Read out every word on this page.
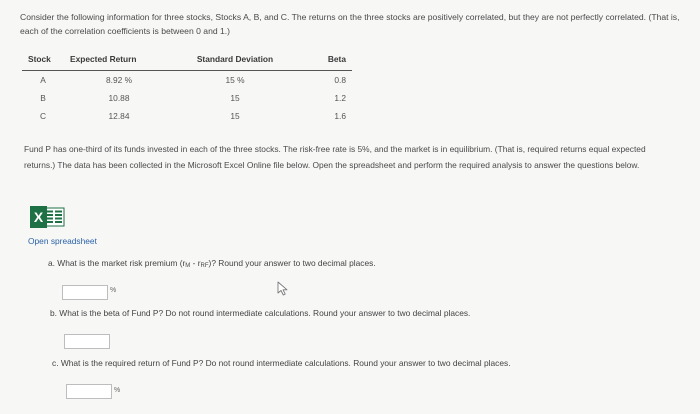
Consider the following information for three stocks, Stocks A, B, and C. The returns on the three stocks are positively correlated, but they are not perfectly correlated. (That is, each of the correlation coefficients is between 0 and 1.)
Stock	Expected Return	Standard Deviation	Beta
A	8.92 %	15 %	0.8
B	10.88	15	1.2
C	12.84	15	1.6
Fund P has one-third of its funds invested in each of the three stocks. The risk-free rate is 5%, and the market is in equilibrium. (That is, required returns equal expected returns.) The data has been collected in the Microsoft Excel Online file below. Open the spreadsheet and perform the required analysis to answer the questions below.
X
Open spreadsheet
a. What is the market risk premium (rM - rRF)? Round your answer to two decimal places.
%
b. What is the beta of Fund P? Do not round intermediate calculations. Round your answer to two decimal places.
c. What is the required return of Fund P? Do not round intermediate calculations. Round your answer to two decimal places.
%
